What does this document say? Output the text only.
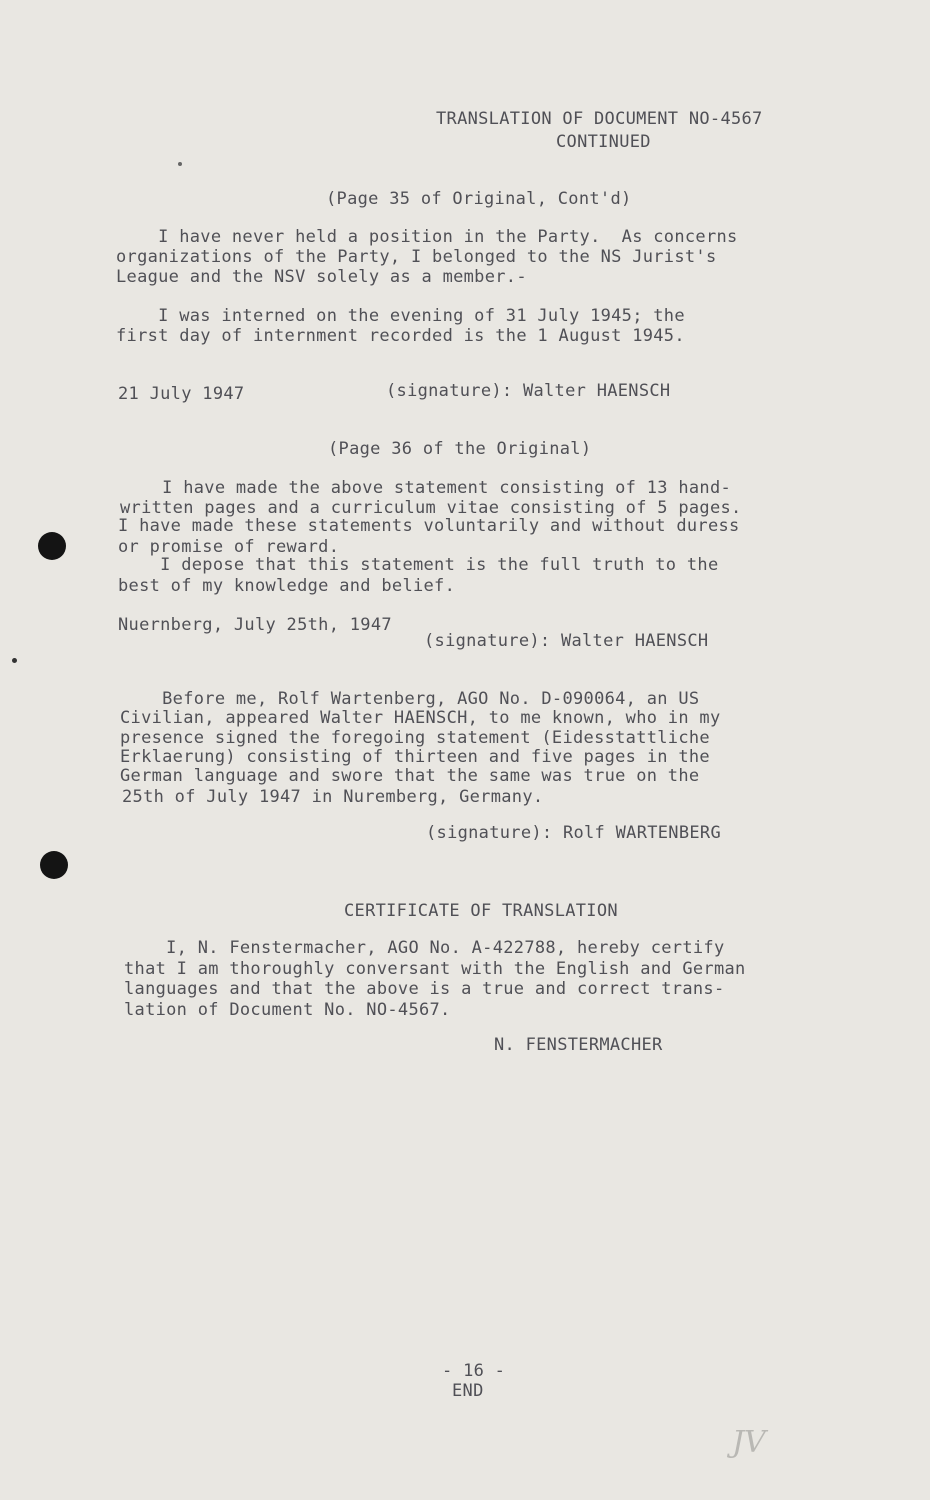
TRANSLATION OF DOCUMENT NO-4567
CONTINUED
(Page 35 of Original, Cont'd)
I have never held a position in the Party.  As concerns
organizations of the Party, I belonged to the NS Jurist's
League and the NSV solely as a member.-
I was interned on the evening of 31 July 1945; the
first day of internment recorded is the 1 August 1945.
21 July 1947	(signature): Walter HAENSCH
(Page 36 of the Original)
I have made the above statement consisting of 13 hand-
written pages and a curriculum vitae consisting of 5 pages.
I have made these statements voluntarily and without duress
or promise of reward.
I depose that this statement is the full truth to the
best of my knowledge and belief.
Nuernberg, July 25th, 1947
(signature): Walter HAENSCH
Before me, Rolf Wartenberg, AGO No. D-090064, an US
Civilian, appeared Walter HAENSCH, to me known, who in my
presence signed the foregoing statement (Eidesstattliche
Erklaerung) consisting of thirteen and five pages in the
German language and swore that the same was true on the
25th of July 1947 in Nuremberg, Germany.
(signature): Rolf WARTENBERG
CERTIFICATE OF TRANSLATION
I, N. Fenstermacher, AGO No. A-422788, hereby certify
that I am thoroughly conversant with the English and German
languages and that the above is a true and correct trans-
lation of Document No. NO-4567.
N. FENSTERMACHER
- 16 -
END
JV
